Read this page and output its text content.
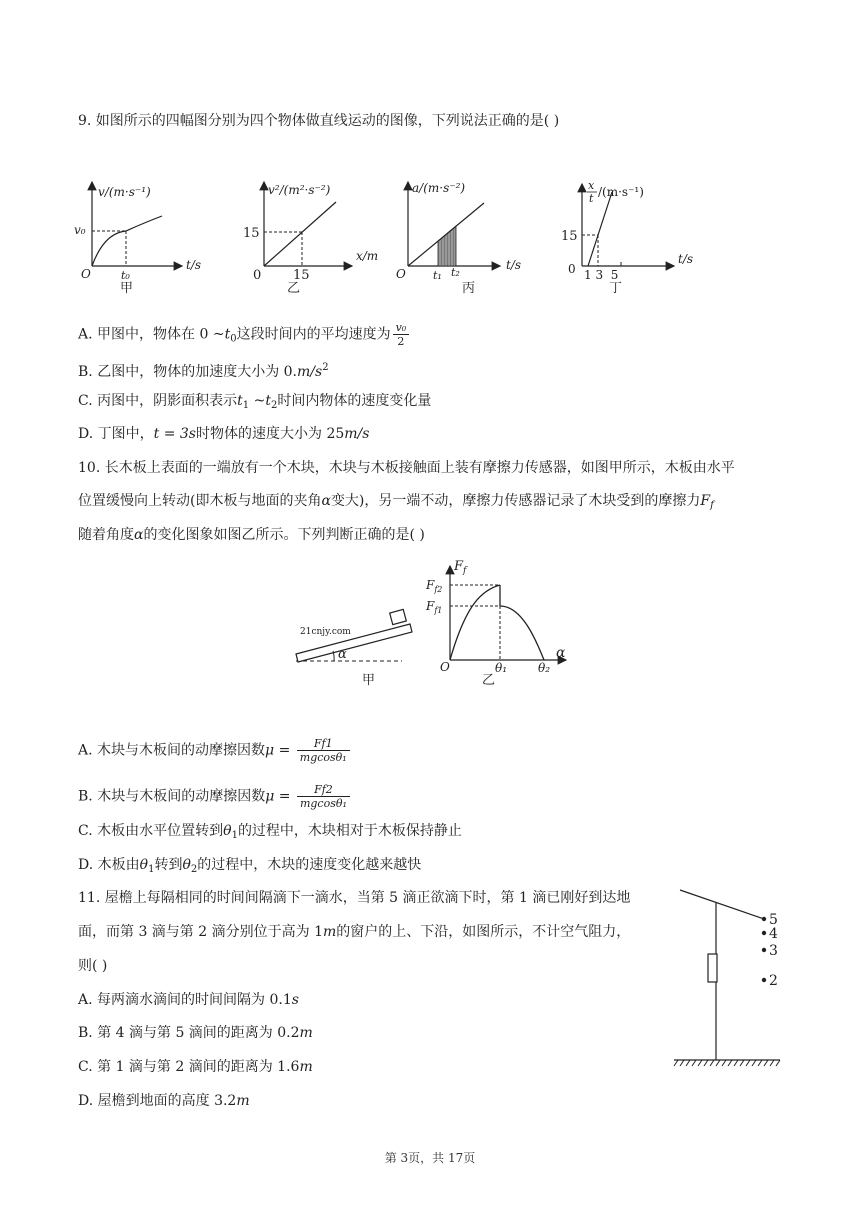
9. 如图所示的四幅图分别为四个物体做直线运动的图像，下列说法正确的是( )
v/(m·s⁻¹)
t/s
v₀
t₀
O
甲
v²/(m²·s⁻²)
x/m
15
15
0
乙
a/(m·s⁻²)
t/s
t₁ t₂
O
丙
x
t /(m·s⁻¹)
t/s
15
1 3  5
0
丁
A. 甲图中，物体在 0 $\sim t_0$这段时间内的平均速度为 $\frac{\text{v₀}}{2}$
B. 乙图中，物体的加速度大小为 $0.m/s^2$
C. 丙图中，阴影面积表示$t_1$ $\sim t_2$时间内物体的速度变化量
D. 丁图中，t = 3s时物体的速度大小为 25m/s
10. 长木板上表面的一端放有一个木块，木块与木板接触面上装有摩擦力传感器，如图甲所示，木板由水平
位置缓慢向上转动(即木板与地面的夹角α变大)，另一端不动，摩擦力传感器记录了木块受到的摩擦力$F_f$
随着角度α的变化图象如图乙所示。下列判断正确的是( )
α
21cnjy.com
甲
$F_f$
$F_{f2}$
$F_{f1}$
O	θ₁	θ₂
α
乙
A. 木块与木板间的动摩擦因数$\mu = \frac{Ff1}{\text{mgcosθ₁}}$
B. 木块与木板间的动摩擦因数$\mu = \frac{Ff2}{\text{mgcosθ₁}}$
C. 木板由水平位置转到$\theta_1$的过程中，木块相对于木板保持静止
D. 木板由$\theta_1$转到$\theta_2$的过程中，木块的速度变化越来越快
11. 屋檐上每隔相同的时间间隔滴下一滴水，当第 5 滴正欲滴下时，第 1 滴已刚好到达地
面，而第 3 滴与第 2 滴分别位于高为 1m的窗户的上、下沿，如图所示，不计空气阻力，
则( )
A. 每两滴水滴间的时间间隔为 0.1s
B. 第 4 滴与第 5 滴间的距离为 0.2m
C. 第 1 滴与第 2 滴间的距离为 1.6m
D. 屋檐到地面的高度 3.2m
5
4
3
2
第 3页，共 17页
